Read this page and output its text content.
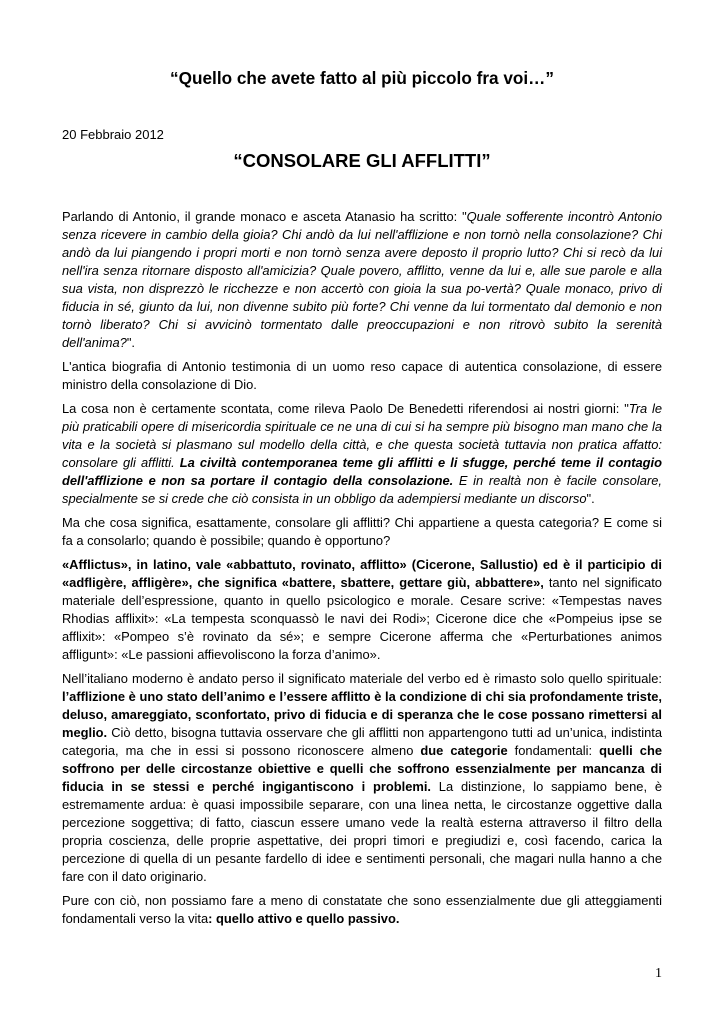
“Quello che avete fatto al più piccolo fra voi…”
20 Febbraio 2012
“CONSOLARE GLI AFFLITTI”

Parlando di Antonio, il grande monaco e asceta Atanasio ha scritto: "Quale sofferente incontrò Antonio senza ricevere in cambio della gioia? Chi andò da lui nell'afflizione e non tornò nella consolazione? Chi andò da lui piangendo i propri morti e non tornò senza avere deposto il proprio lutto? Chi si recò da lui nell'ira senza ritornare disposto all'amicizia? Quale povero, afflitto, venne da lui e, alle sue parole e alla sua vista, non disprezzò le ricchezze e non accertò con gioia la sua po-vertà? Quale monaco, privo di fiducia in sé, giunto da lui, non divenne subito più forte? Chi venne da lui tormentato dal demonio e non tornò liberato? Chi si avvicinò tormentato dalle preoccupazioni e non ritrovò subito la serenità dell'anima?".

L'antica biografia di Antonio testimonia di un uomo reso capace di autentica consolazione, di essere ministro della consolazione di Dio.

La cosa non è certamente scontata, come rileva Paolo De Benedetti riferendosi ai nostri giorni: "Tra le più praticabili opere di misericordia spirituale ce ne una di cui si ha sempre più bisogno man mano che la vita e la società si plasmano sul modello della città, e che questa società tuttavia non pratica affatto: consolare gli afflitti. La civiltà contemporanea teme gli afflitti e li sfugge, perché teme il contagio dell'afflizione e non sa portare il contagio della consolazione. E in realtà non è facile consolare, specialmente se si crede che ciò consista in un obbligo da adempiersi mediante un discorso".

Ma che cosa significa, esattamente, consolare gli afflitti? Chi appartiene a questa categoria? E come si fa a consolarlo; quando è possibile; quando è opportuno?

«Afflictus», in latino, vale «abbattuto, rovinato, afflitto» (Cicerone, Sallustio) ed è il participio di «adfligère, affligère», che significa «battere, sbattere, gettare giù, abbattere», tanto nel significato materiale dell’espressione, quanto in quello psicologico e morale. Cesare scrive: «Tempestas naves Rhodias afflixit»: «La tempesta sconquassò le navi dei Rodi»; Cicerone dice che «Pompeius ipse se afflixit»: «Pompeo s’è rovinato da sé»; e sempre Cicerone afferma che «Perturbationes animos affligunt»: «Le passioni affievoliscono la forza d’animo».

Nell’italiano moderno è andato perso il significato materiale del verbo ed è rimasto solo quello spirituale: l’afflizione è uno stato dell’animo e l’essere afflitto è la condizione di chi sia profondamente triste, deluso, amareggiato, sconfortato, privo di fiducia e di speranza che le cose possano rimettersi al meglio. Ciò detto, bisogna tuttavia osservare che gli afflitti non appartengono tutti ad un’unica, indistinta categoria, ma che in essi si possono riconoscere almeno due categorie fondamentali: quelli che soffrono per delle circostanze obiettive e quelli che soffrono essenzialmente per mancanza di fiducia in se stessi e perché ingigantiscono i problemi. La distinzione, lo sappiamo bene, è estremamente ardua: è quasi impossibile separare, con una linea netta, le circostanze oggettive dalla percezione soggettiva; di fatto, ciascun essere umano vede la realtà esterna attraverso il filtro della propria coscienza, delle proprie aspettative, dei propri timori e pregiudizi e, così facendo, carica la percezione di quella di un pesante fardello di idee e sentimenti personali, che magari nulla hanno a che fare con il dato originario.

Pure con ciò, non possiamo fare a meno di constatate che sono essenzialmente due gli atteggiamenti fondamentali verso la vita: quello attivo e quello passivo.

1
